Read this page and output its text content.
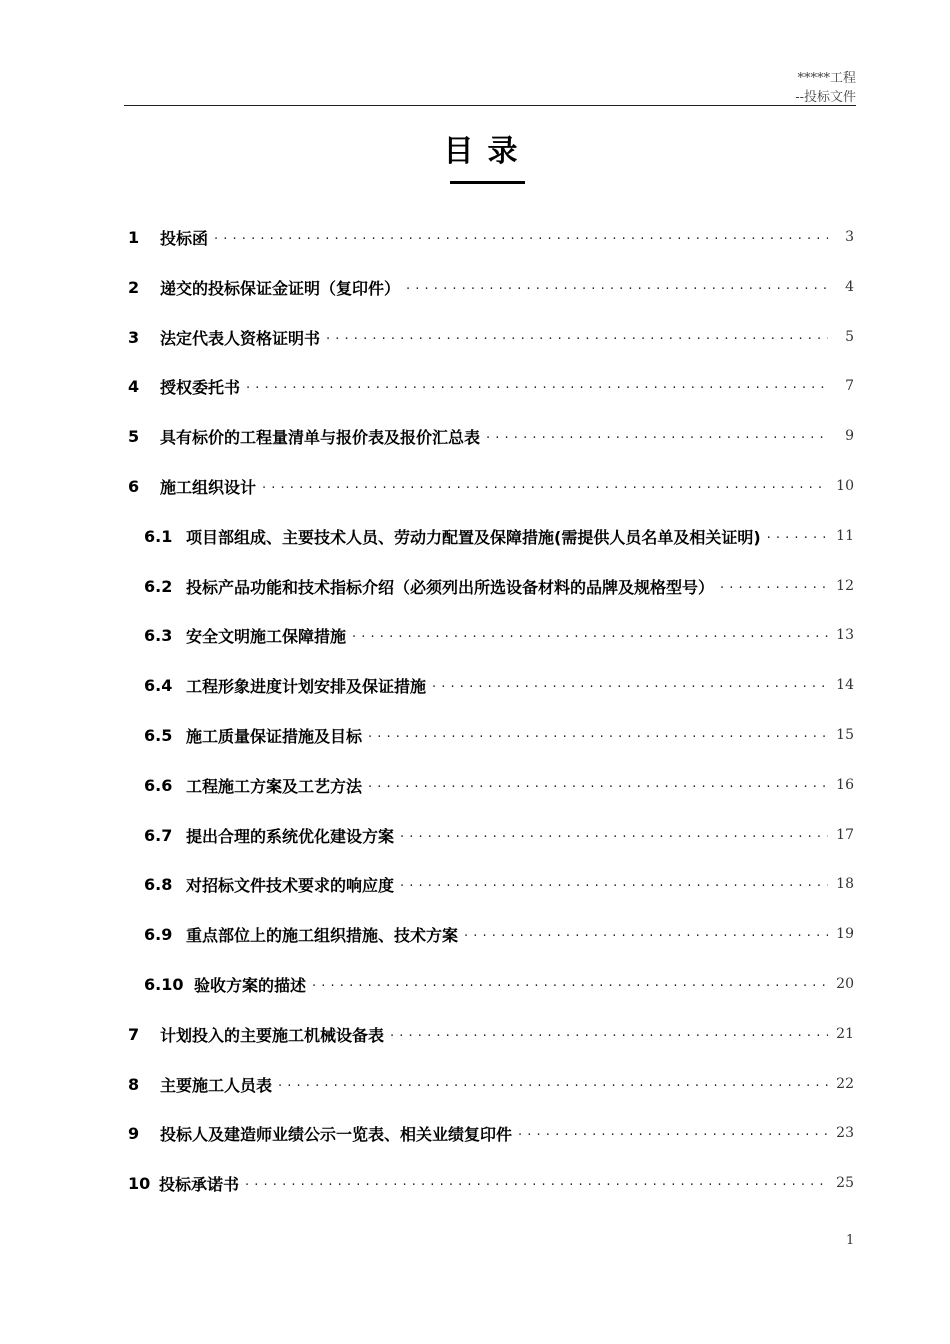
*****工程
--投标文件
目录
1	投标函 . . .	3
2	递交的投标保证金证明（复印件） . . .	4
3	法定代表人资格证明书 . . .	5
4	授权委托书 . . .	7
5	具有标价的工程量清单与报价表及报价汇总表 . . .	9
6	施工组织设计 . . .	10
6.1 项目部组成、主要技术人员、劳动力配置及保障措施(需提供人员名单及相关证明) . . .	11
6.2 投标产品功能和技术指标介绍（必须列出所选设备材料的品牌及规格型号） . . .	12
6.3 安全文明施工保障措施 . . .	13
6.4 工程形象进度计划安排及保证措施 . . .	14
6.5 施工质量保证措施及目标 . . .	15
6.6 工程施工方案及工艺方法 . . .	16
6.7 提出合理的系统优化建设方案 . . .	17
6.8 对招标文件技术要求的响应度 . . .	18
6.9 重点部位上的施工组织措施、技术方案 . . .	19
6.10 验收方案的描述 . . .	20
7	计划投入的主要施工机械设备表 . . .	21
8	主要施工人员表 . . .	22
9	投标人及建造师业绩公示一览表、相关业绩复印件 . . .	23
10 投标承诺书 . . .	25
1
